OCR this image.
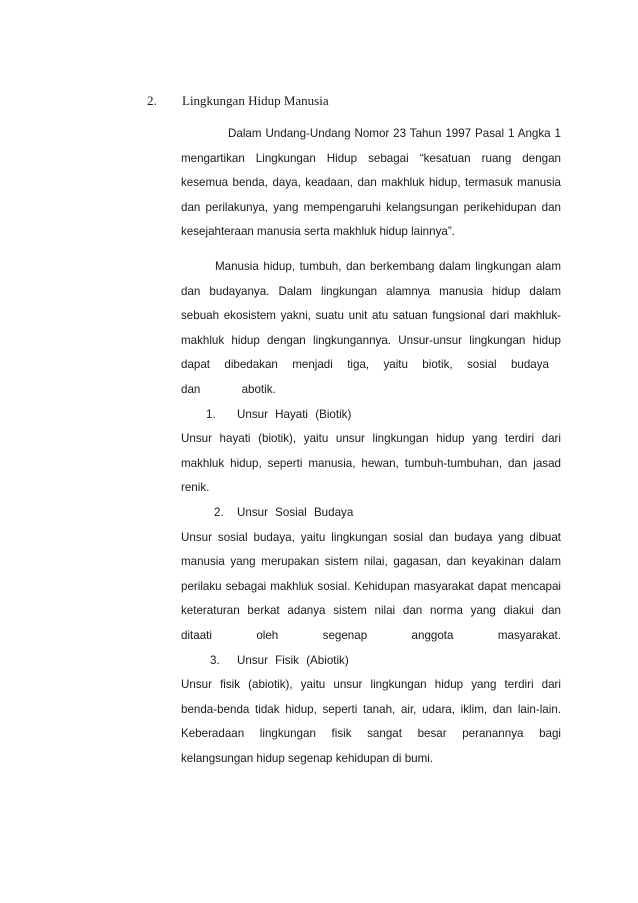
2. Lingkungan Hidup Manusia
Dalam Undang-Undang Nomor 23 Tahun 1997 Pasal 1 Angka 1
mengartikan Lingkungan Hidup sebagai “kesatuan ruang dengan
kesemua benda, daya, keadaan, dan makhluk hidup, termasuk manusia
dan perilakunya, yang mempengaruhi kelangsungan perikehidupan dan
kesejahteraan manusia serta makhluk hidup lainnya”.
Manusia hidup, tumbuh, dan berkembang dalam lingkungan alam
dan budayanya. Dalam lingkungan alamnya manusia hidup dalam
sebuah ekosistem yakni, suatu unit atu satuan fungsional dari makhluk-
makhluk hidup dengan lingkungannya. Unsur-unsur lingkungan hidup
dapat dibedakan menjadi tiga, yaitu biotik, sosial budaya
dan abotik.
1. Unsur Hayati (Biotik)
Unsur hayati (biotik), yaitu unsur lingkungan hidup yang terdiri dari
makhluk hidup, seperti manusia, hewan, tumbuh-tumbuhan, dan jasad
renik.
2. Unsur Sosial Budaya
Unsur sosial budaya, yaitu lingkungan sosial dan budaya yang dibuat
manusia yang merupakan sistem nilai, gagasan, dan keyakinan dalam
perilaku sebagai makhluk sosial. Kehidupan masyarakat dapat mencapai
keteraturan berkat adanya sistem nilai dan norma yang diakui dan
ditaati oleh segenap anggota masyarakat.
3. Unsur Fisik (Abiotik)
Unsur fisik (abiotik), yaitu unsur lingkungan hidup yang terdiri dari
benda-benda tidak hidup, seperti tanah, air, udara, iklim, dan lain-lain.
Keberadaan lingkungan fisik sangat besar peranannya bagi
kelangsungan hidup segenap kehidupan di bumi.
